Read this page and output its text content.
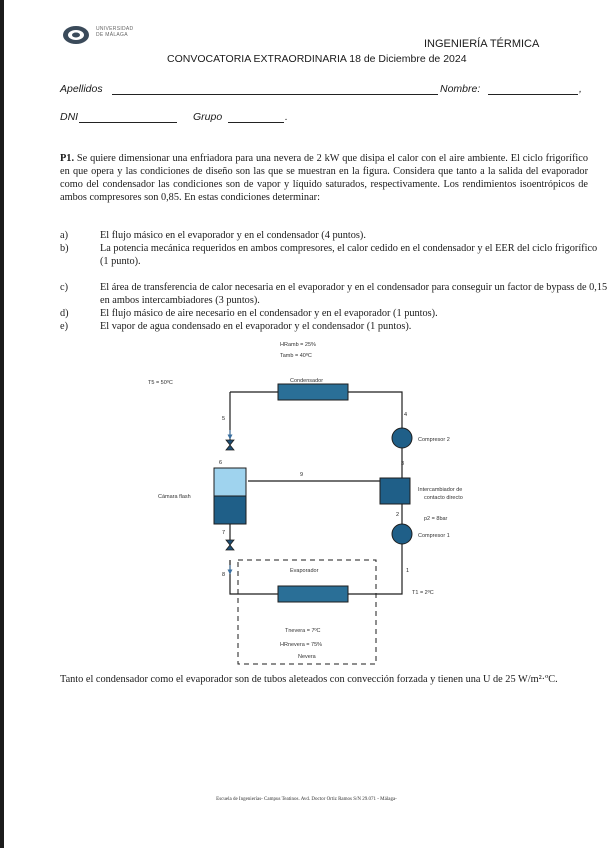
UNIVERSIDAD
DE MÁLAGA
INGENIERÍA TÉRMICA
CONVOCATORIA EXTRAORDINARIA 18 de Diciembre de 2024
Apellidos	Nombre:	,
DNI	Grupo	.
P1. Se quiere dimensionar una enfriadora para una nevera de 2 kW que disipa el calor con el aire ambiente. El ciclo frigorífico en que opera y las condiciones de diseño son las que se muestran en la figura. Considera que tanto a la salida del evaporador como del condensador las condiciones son de vapor y líquido saturados, respectivamente. Los rendimientos isoentrópicos de ambos compresores son 0,85. En estas condiciones determinar:
a)	El flujo másico en el evaporador y en el condensador (4 puntos).
b)	La potencia mecánica requeridos en ambos compresores, el calor cedido en el condensador y el EER del ciclo frigorífico (1 punto).
c)	El área de transferencia de calor necesaria en el evaporador y en el condensador para conseguir un factor de bypass de 0,15 en ambos intercambiadores (3 puntos).
d)	El flujo másico de aire necesario en el condensador y en el evaporador (1 puntos).
e)	El vapor de agua condensado en el evaporador y el condensador (1 puntos).
HRamb = 25%
Tamb = 40ºC
T5 = 50ºC	Condensador
Cámara flash
Compresor 2
Intercambiador de
contacto directo
p2 = 8bar
Compresor 1
Evaporador
T1 = 2ºC
Tnevera = 7ºC
HRnevera = 75%
Nevera
1
2
3
4
5
6
7
8
9
Tanto el condensador como el evaporador son de tubos aleteados con convección forzada y tienen una U de 25 W/m²·ºC.
Escuela de Ingenierías- Campus Teatinos. Avd. Doctor Ortiz Ramos S/N 29.071 - Málaga-
